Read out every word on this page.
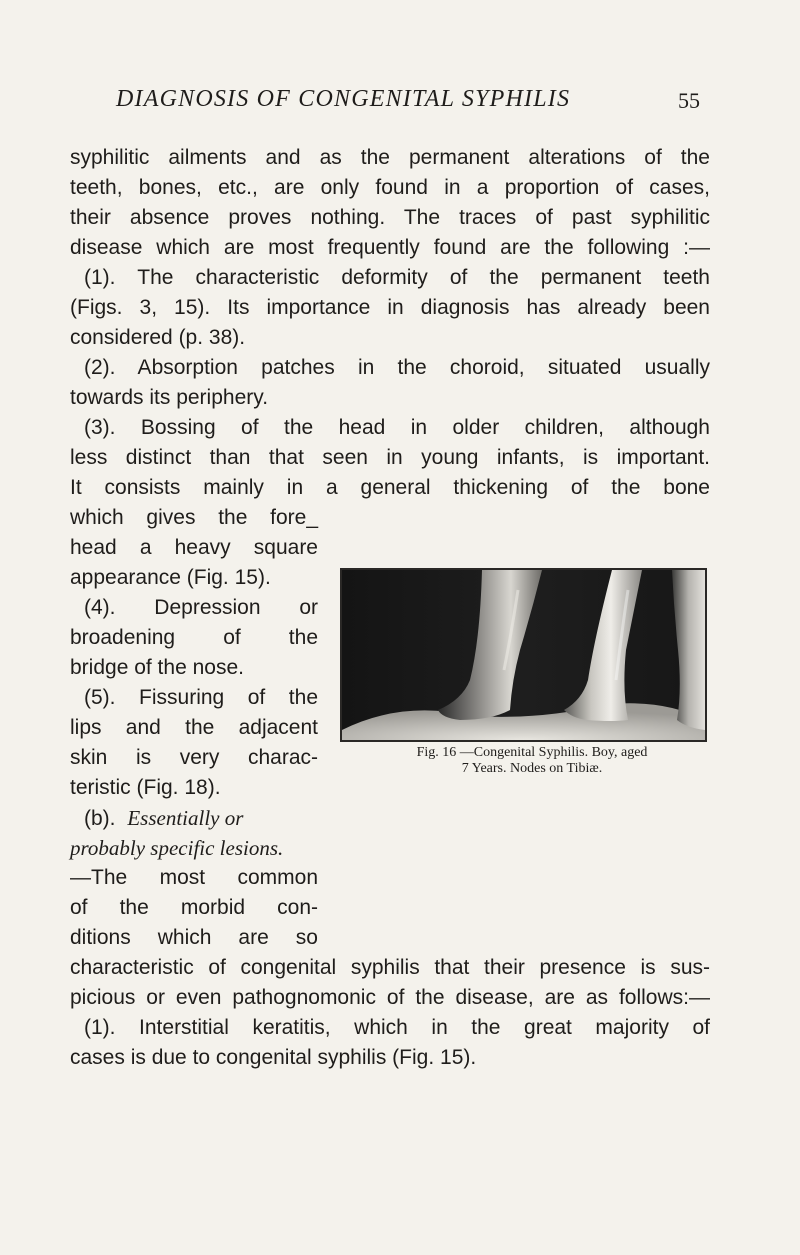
DIAGNOSIS OF CONGENITAL SYPHILIS	55
syphilitic ailments and as the permanent alterations of the
teeth, bones, etc., are only found in a proportion of cases,
their absence proves nothing. The traces of past syphilitic
disease which are most frequently found are the following :—
(1). The characteristic deformity of the permanent teeth
(Figs. 3, 15). Its importance in diagnosis has already been
considered (p. 38).
(2). Absorption patches in the choroid, situated usually
towards its periphery.
(3). Bossing of the head in older children, although
less distinct than that seen in young infants, is important.
It consists mainly in a general thickening of the bone
which gives the fore_
head a heavy square
appearance (Fig. 15).
(4). Depression or
broadening of the
bridge of the nose.
(5). Fissuring of the
lips and the adjacent
skin is very charac-
teristic (Fig. 18).
(b). Essentially or
probably specific lesions.
—The most common
of the morbid con-
ditions which are so
characteristic of congenital syphilis that their presence is sus-
picious or even pathognomonic of the disease, are as follows:—
(1). Interstitial keratitis, which in the great majority of
cases is due to congenital syphilis (Fig. 15).
Fig. 16 —Congenital Syphilis. Boy, aged
7 Years. Nodes on Tibiæ.
